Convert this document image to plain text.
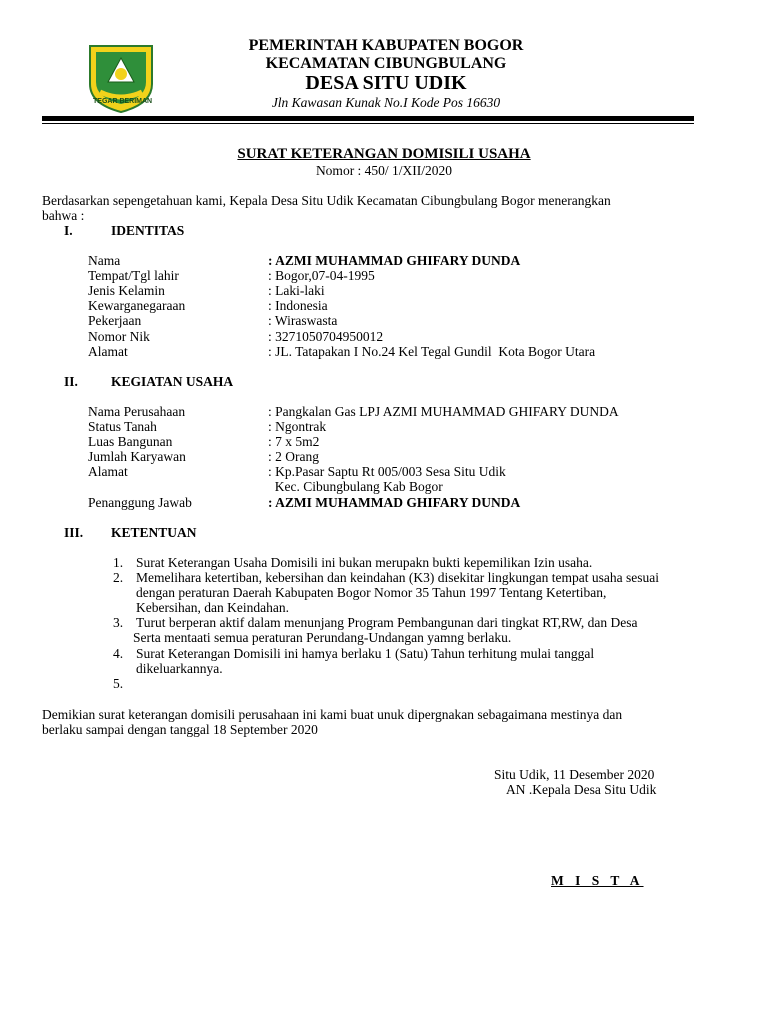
TEGAR BERIMAN
PEMERINTAH KABUPATEN BOGOR
KECAMATAN CIBUNGBULANG
DESA SITU UDIK
Jln Kawasan Kunak No.I Kode Pos 16630
SURAT KETERANGAN DOMISILI USAHA
Nomor : 450/ 1/XII/2020
Berdasarkan sepengetahuan kami, Kepala Desa Situ Udik Kecamatan Cibungbulang Bogor menerangkan
bahwa :
I.	IDENTITAS
Nama	: AZMI MUHAMMAD GHIFARY DUNDA
Tempat/Tgl lahir	: Bogor,07-04-1995
Jenis Kelamin	: Laki-laki
Kewarganegaraan	: Indonesia
Pekerjaan	: Wiraswasta
Nomor Nik	: 3271050704950012
Alamat	: JL. Tatapakan I No.24 Kel Tegal Gundil  Kota Bogor Utara
II. KEGIATAN USAHA
Nama Perusahaan	: Pangkalan Gas LPJ AZMI MUHAMMAD GHIFARY DUNDA
Status Tanah	: Ngontrak
Luas Bangunan	: 7 x 5m2
Jumlah Karyawan	: 2 Orang
Alamat	: Kp.Pasar Saptu Rt 005/003 Sesa Situ Udik
Kec. Cibungbulang Kab Bogor
Penanggung Jawab	: AZMI MUHAMMAD GHIFARY DUNDA
III. KETENTUAN
1. Surat Keterangan Usaha Domisili ini bukan merupakn bukti kepemilikan Izin usaha.
2. Memelihara ketertiban, kebersihan dan keindahan (K3) disekitar lingkungan tempat usaha sesuai
dengan peraturan Daerah Kabupaten Bogor Nomor 35 Tahun 1997 Tentang Ketertiban,
Kebersihan, dan Keindahan.
3. Turut berperan aktif dalam menunjang Program Pembangunan dari tingkat RT,RW, dan Desa
Serta mentaati semua peraturan Perundang-Undangan yamng berlaku.
4. Surat Keterangan Domisili ini hamya berlaku 1 (Satu) Tahun terhitung mulai tanggal
dikeluarkannya.
5.
Demikian surat keterangan domisili perusahaan ini kami buat unuk dipergnakan sebagaimana mestinya dan
berlaku sampai dengan tanggal 18 September 2020
Situ Udik, 11 Desember 2020
AN .Kepala Desa Situ Udik
M I S T A
